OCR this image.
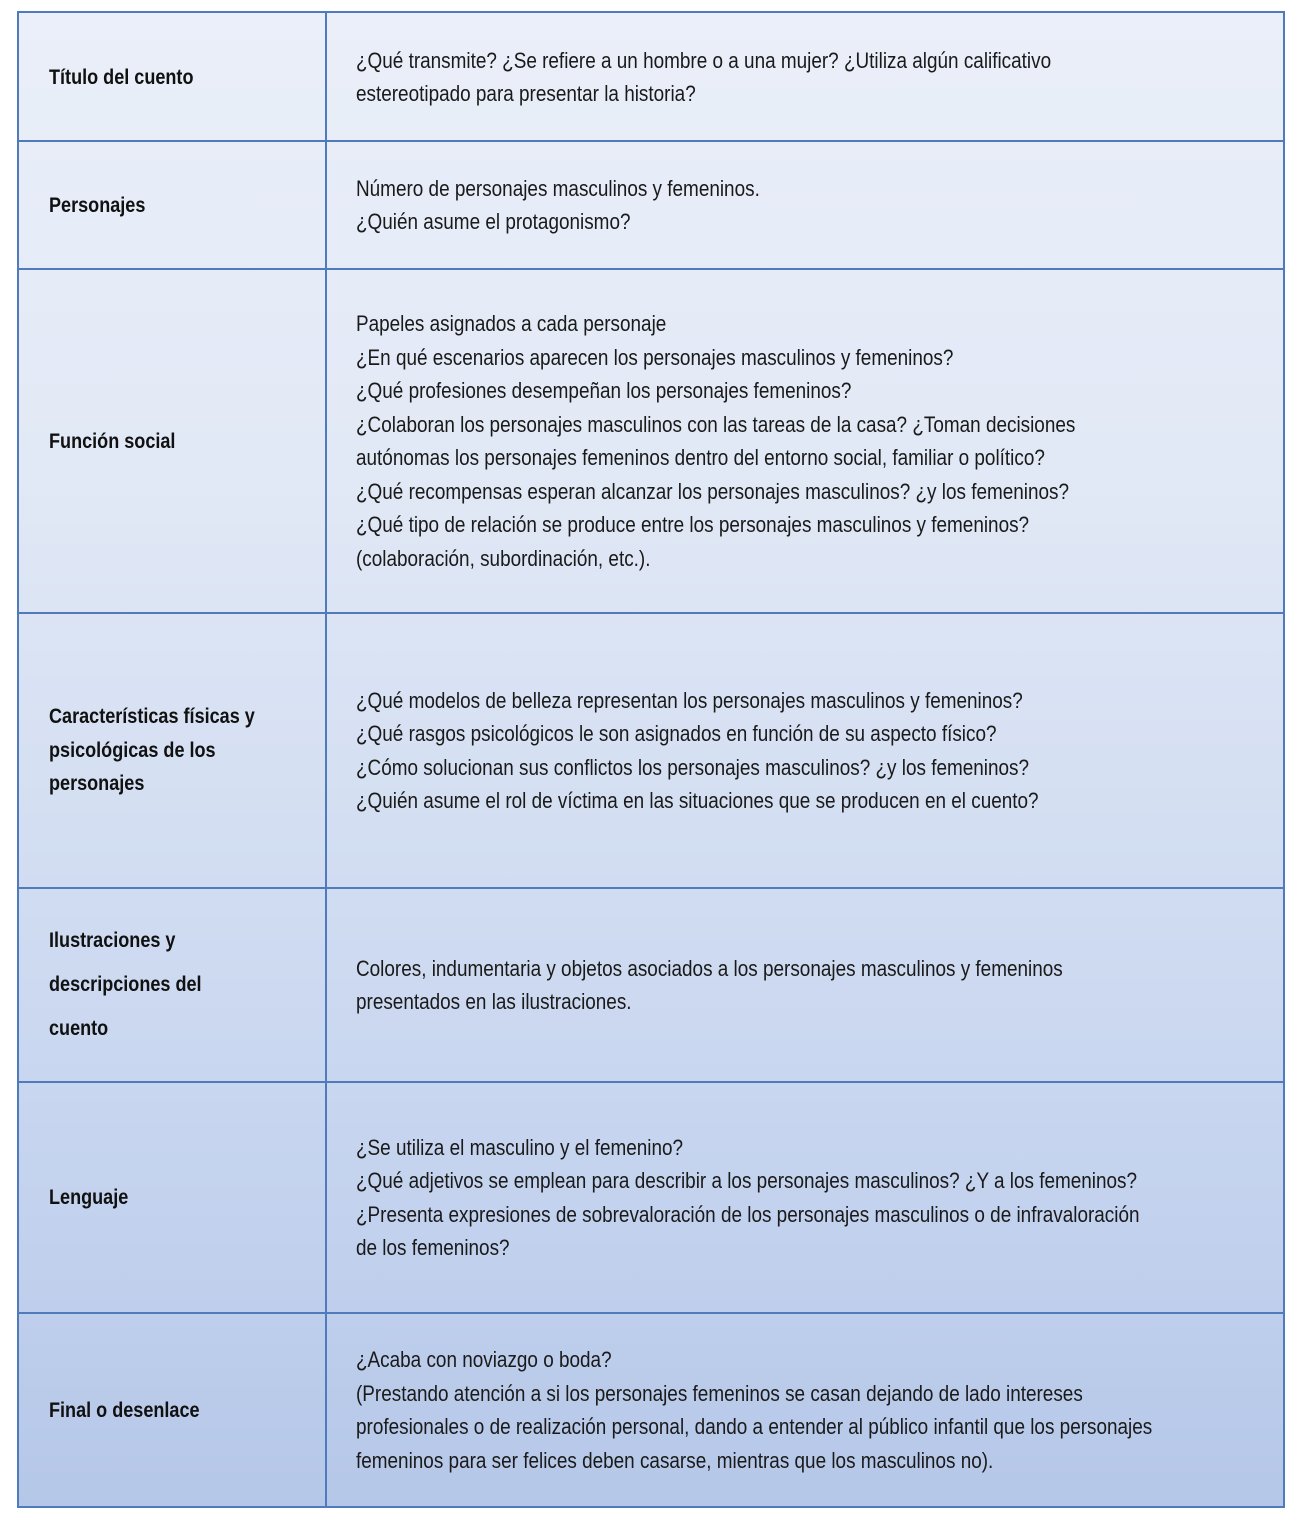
Título del cuento
¿Qué transmite? ¿Se refiere a un hombre o a una mujer? ¿Utiliza algún calificativo
estereotipado para presentar la historia?
Personajes
Número de personajes masculinos y femeninos.
¿Quién asume el protagonismo?
Función social
Papeles asignados a cada personaje
¿En qué escenarios aparecen los personajes masculinos y femeninos?
¿Qué profesiones desempeñan los personajes femeninos?
¿Colaboran los personajes masculinos con las tareas de la casa? ¿Toman decisiones
autónomas los personajes femeninos dentro del entorno social, familiar o político?
¿Qué recompensas esperan alcanzar los personajes masculinos? ¿y los femeninos?
¿Qué tipo de relación se produce entre los personajes masculinos y femeninos?
(colaboración, subordinación, etc.).
Características físicas y
psicológicas de los
personajes
¿Qué modelos de belleza representan los personajes masculinos y femeninos?
¿Qué rasgos psicológicos le son asignados en función de su aspecto físico?
¿Cómo solucionan sus conflictos los personajes masculinos? ¿y los femeninos?
¿Quién asume el rol de víctima en las situaciones que se producen en el cuento?
Ilustraciones y
descripciones del
cuento
Colores, indumentaria y objetos asociados a los personajes masculinos y femeninos
presentados en las ilustraciones.
Lenguaje
¿Se utiliza el masculino y el femenino?
¿Qué adjetivos se emplean para describir a los personajes masculinos? ¿Y a los femeninos?
¿Presenta expresiones de sobrevaloración de los personajes masculinos o de infravaloración
de los femeninos?
Final o desenlace
¿Acaba con noviazgo o boda?
(Prestando atención a si los personajes femeninos se casan dejando de lado intereses
profesionales o de realización personal, dando a entender al público infantil que los personajes
femeninos para ser felices deben casarse, mientras que los masculinos no).
